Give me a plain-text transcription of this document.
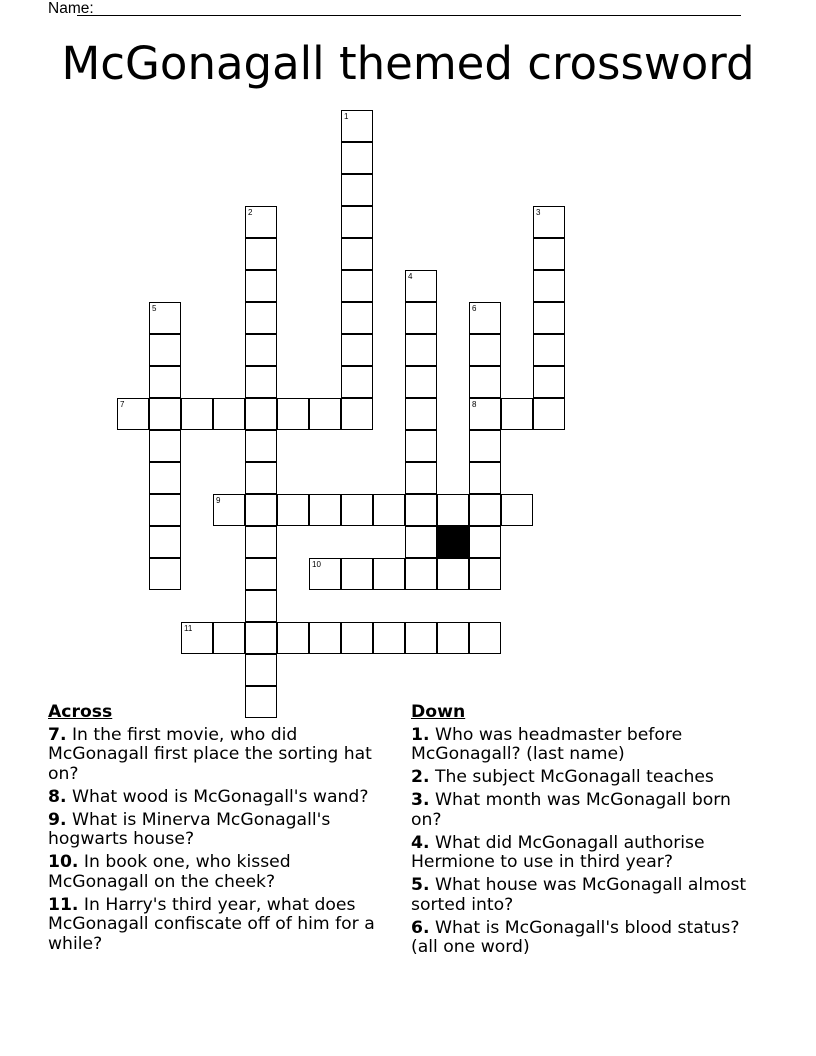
Name:
McGonagall themed crossword
1
2	3
4
5	6
8
7
9
10
11
Across
7. In the first movie, who did McGonagall first place the sorting hat on?
8. What wood is McGonagall's wand?
9. What is Minerva McGonagall's hogwarts house?
10. In book one, who kissed McGonagall on the cheek?
11. In Harry's third year, what does McGonagall confiscate off of him for a while?
Down
1. Who was headmaster before McGonagall? (last name)
2. The subject McGonagall teaches
3. What month was McGonagall born on?
4. What did McGonagall authorise Hermione to use in third year?
5. What house was McGonagall almost sorted into?
6. What is McGonagall's blood status? (all one word)
